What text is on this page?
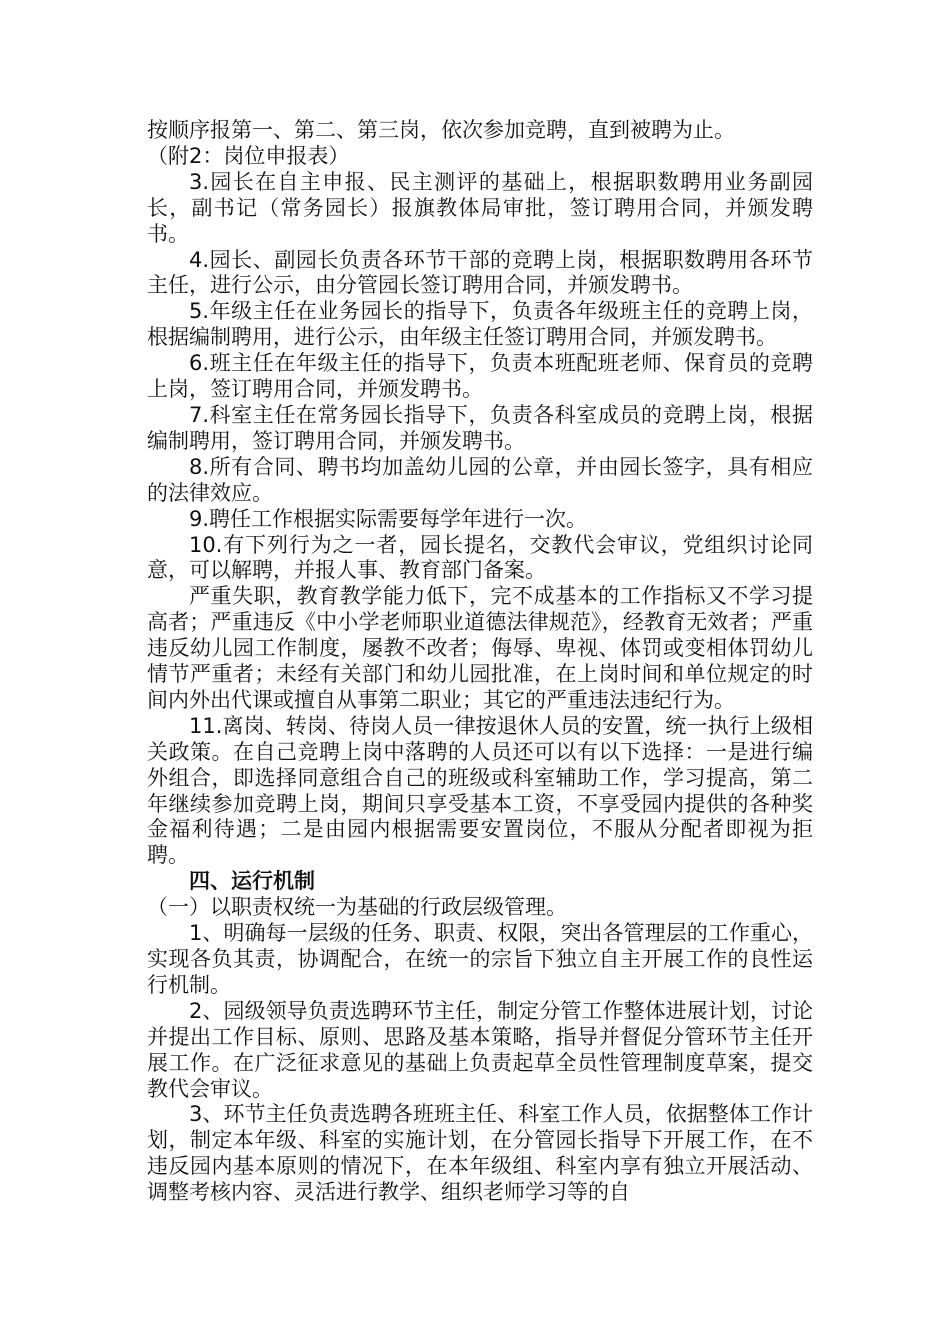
按顺序报第一、第二、第三岗，依次参加竞聘，直到被聘为止。

（附2：岗位申报表）

3.园长在自主申报、民主测评的基础上，根据职数聘用业务副园长，副书记（常务园长）报旗教体局审批，签订聘用合同，并颁发聘书。

4.园长、副园长负责各环节干部的竞聘上岗，根据职数聘用各环节主任，进行公示，由分管园长签订聘用合同，并颁发聘书。

5.年级主任在业务园长的指导下，负责各年级班主任的竞聘上岗，根据编制聘用，进行公示，由年级主任签订聘用合同，并颁发聘书。

6.班主任在年级主任的指导下，负责本班配班老师、保育员的竞聘上岗，签订聘用合同，并颁发聘书。

7.科室主任在常务园长指导下，负责各科室成员的竞聘上岗，根据编制聘用，签订聘用合同，并颁发聘书。

8.所有合同、聘书均加盖幼儿园的公章，并由园长签字，具有相应的法律效应。

9.聘任工作根据实际需要每学年进行一次。

10.有下列行为之一者，园长提名，交教代会审议，党组织讨论同意，可以解聘，并报人事、教育部门备案。

严重失职，教育教学能力低下，完不成基本的工作指标又不学习提高者；严重违反《中小学老师职业道德法律规范》，经教育无效者；严重违反幼儿园工作制度，屡教不改者；侮辱、卑视、体罚或变相体罚幼儿情节严重者；未经有关部门和幼儿园批准，在上岗时间和单位规定的时间内外出代课或擅自从事第二职业；其它的严重违法违纪行为。

11.离岗、转岗、待岗人员一律按退休人员的安置，统一执行上级相关政策。在自己竞聘上岗中落聘的人员还可以有以下选择：一是进行编外组合，即选择同意组合自己的班级或科室辅助工作，学习提高，第二年继续参加竞聘上岗，期间只享受基本工资，不享受园内提供的各种奖金福利待遇；二是由园内根据需要安置岗位，不服从分配者即视为拒聘。

四、运行机制

（一）以职责权统一为基础的行政层级管理。

1、明确每一层级的任务、职责、权限，突出各管理层的工作重心，实现各负其责，协调配合，在统一的宗旨下独立自主开展工作的良性运行机制。

2、园级领导负责选聘环节主任，制定分管工作整体进展计划，讨论并提出工作目标、原则、思路及基本策略，指导并督促分管环节主任开展工作。在广泛征求意见的基础上负责起草全员性管理制度草案，提交教代会审议。

3、环节主任负责选聘各班班主任、科室工作人员，依据整体工作计划，制定本年级、科室的实施计划，在分管园长指导下开展工作，在不违反园内基本原则的情况下，在本年级组、科室内享有独立开展活动、调整考核内容、灵活进行教学、组织老师学习等的自
